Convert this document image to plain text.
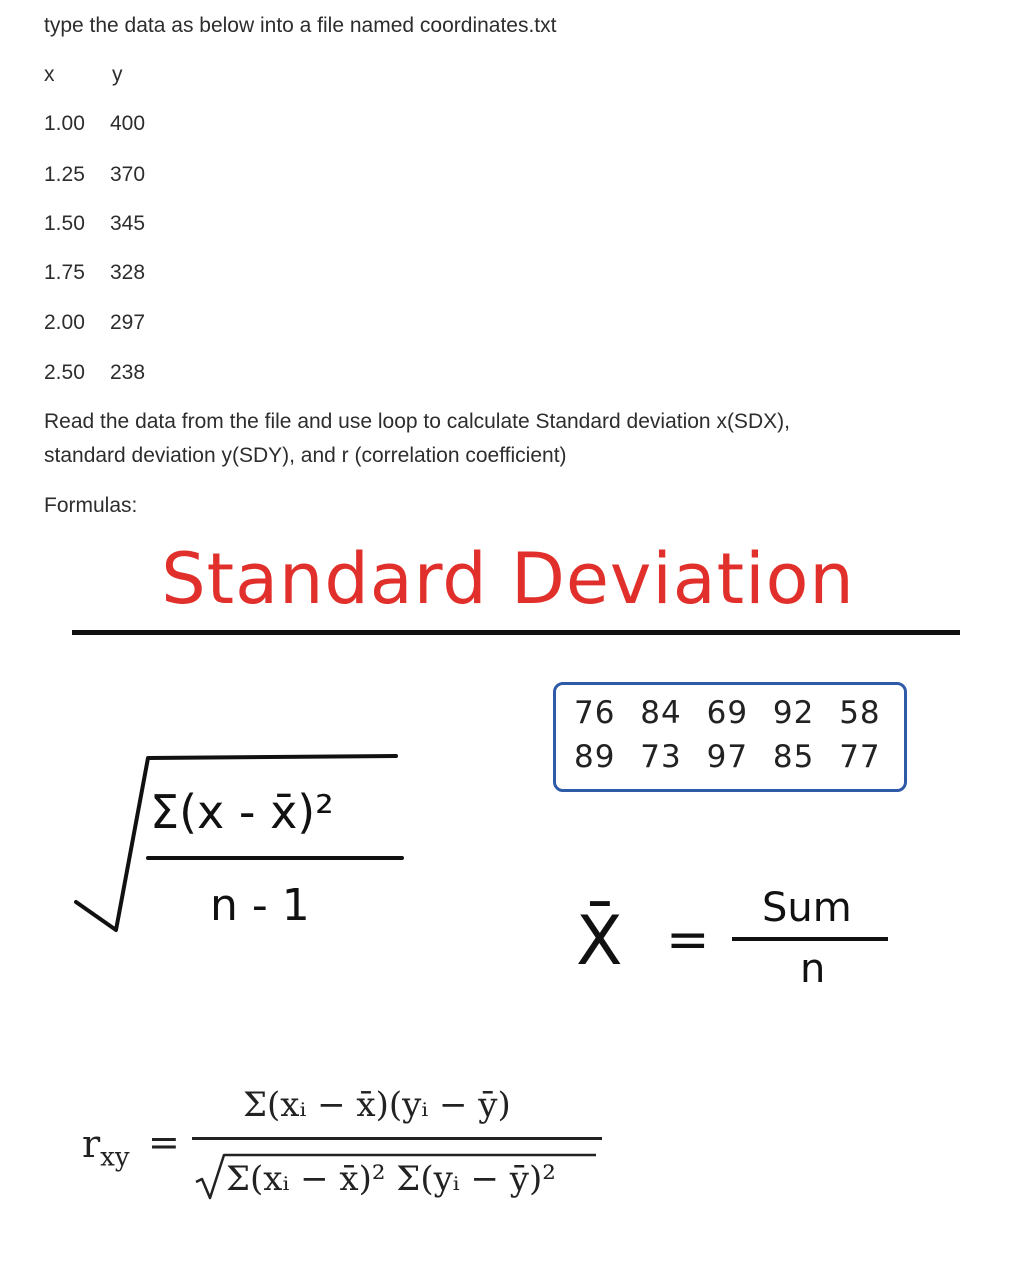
type the data as below into a file named coordinates.txt
x	y
1.00 400
1.25 370
1.50 345
1.75 328
2.00 297
2.50 238
Read the data from the file and use loop to calculate Standard deviation x(SDX),
standard deviation y(SDY), and r (correlation coefficient)
Formulas:
Standard Deviation
76 84 69 92 58
89 73 97 85 77
Σ(x - x̄)²
n - 1	X̄ =
Sum
n
$r_{xy}$ =
Σ(xᵢ − x̄)(yᵢ − ȳ)
Σ(xᵢ − x̄)² Σ(yᵢ − ȳ)²
